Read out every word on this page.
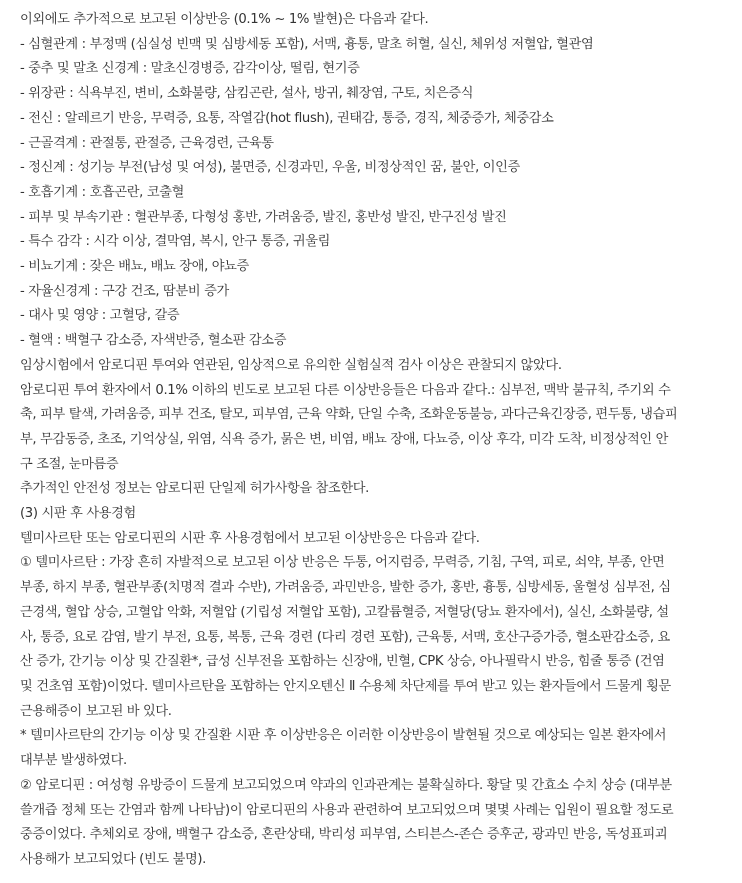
이외에도 추가적으로 보고된 이상반응 (0.1% ~ 1% 발현)은 다음과 같다.
- 심혈관계 : 부정맥 (심실성 빈맥 및 심방세동 포함), 서맥, 흉통, 말초 허혈, 실신, 체위성 저혈압, 혈관염
- 중추 및 말초 신경계 : 말초신경병증, 감각이상, 떨림, 현기증
- 위장관 : 식욕부진, 변비, 소화불량, 삼킴곤란, 설사, 방귀, 췌장염, 구토, 치은증식
- 전신 : 알레르기 반응, 무력증, 요통, 작열감(hot flush), 권태감, 통증, 경직, 체중증가, 체중감소
- 근골격계 : 관절통, 관절증, 근육경련, 근육통
- 정신계 : 성기능 부전(남성 및 여성), 불면증, 신경과민, 우울, 비정상적인 꿈, 불안, 이인증
- 호흡기계 : 호흡곤란, 코출혈
- 피부 및 부속기관 : 혈관부종, 다형성 홍반, 가려움증, 발진, 홍반성 발진, 반구진성 발진
- 특수 감각 : 시각 이상, 결막염, 복시, 안구 통증, 귀울림
- 비뇨기계 : 잦은 배뇨, 배뇨 장애, 야뇨증
- 자율신경계 : 구강 건조, 땀분비 증가
- 대사 및 영양 : 고혈당, 갈증
- 혈액 : 백혈구 감소증, 자색반증, 혈소판 감소증
임상시험에서 암로디핀 투여와 연관된, 임상적으로 유의한 실험실적 검사 이상은 관찰되지 않았다.
암로디핀 투여 환자에서 0.1% 이하의 빈도로 보고된 다른 이상반응들은 다음과 같다.: 심부전, 맥박 불규칙, 주기외 수
축, 피부 탈색, 가려움증, 피부 건조, 탈모, 피부염, 근육 약화, 단일 수축, 조화운동불능, 과다근육긴장증, 편두통, 냉습피
부, 무감동증, 초조, 기억상실, 위염, 식욕 증가, 묽은 변, 비염, 배뇨 장애, 다뇨증, 이상 후각, 미각 도착, 비정상적인 안
구 조절, 눈마름증
추가적인 안전성 정보는 암로디핀 단일제 허가사항을 참조한다.
(3) 시판 후 사용경험
텔미사르탄 또는 암로디핀의 시판 후 사용경험에서 보고된 이상반응은 다음과 같다.
① 텔미사르탄 : 가장 흔히 자발적으로 보고된 이상 반응은 두통, 어지럼증, 무력증, 기침, 구역, 피로, 쇠약, 부종, 안면
부종, 하지 부종, 혈관부종(치명적 결과 수반), 가려움증, 과민반응, 발한 증가, 홍반, 흉통, 심방세동, 울혈성 심부전, 심
근경색, 혈압 상승, 고혈압 악화, 저혈압 (기립성 저혈압 포함), 고칼륨혈증, 저혈당(당뇨 환자에서), 실신, 소화불량, 설
사, 통증, 요로 감염, 발기 부전, 요통, 복통, 근육 경련 (다리 경련 포함), 근육통, 서맥, 호산구증가증, 혈소판감소증, 요
산 증가, 간기능 이상 및 간질환*, 급성 신부전을 포함하는 신장애, 빈혈, CPK 상승, 아나필락시 반응, 힘줄 통증 (건염
및 건초염 포함)이었다. 텔미사르탄을 포함하는 안지오텐신 Ⅱ 수용체 차단제를 투여 받고 있는 환자들에서 드물게 횡문
근용해증이 보고된 바 있다.
* 텔미사르탄의 간기능 이상 및 간질환 시판 후 이상반응은 이러한 이상반응이 발현될 것으로 예상되는 일본 환자에서
대부분 발생하였다.
② 암로디핀 : 여성형 유방증이 드물게 보고되었으며 약과의 인과관계는 불확실하다. 황달 및 간효소 수치 상승 (대부분
쓸개즙 정체 또는 간염과 함께 나타남)이 암로디핀의 사용과 관련하여 보고되었으며 몇몇 사례는 입원이 필요할 정도로
중증이었다. 추체외로 장애, 백혈구 감소증, 혼란상태, 박리성 피부염, 스티븐스-존슨 증후군, 광과민 반응, 독성표피괴
사용해가 보고되었다 (빈도 불명).
